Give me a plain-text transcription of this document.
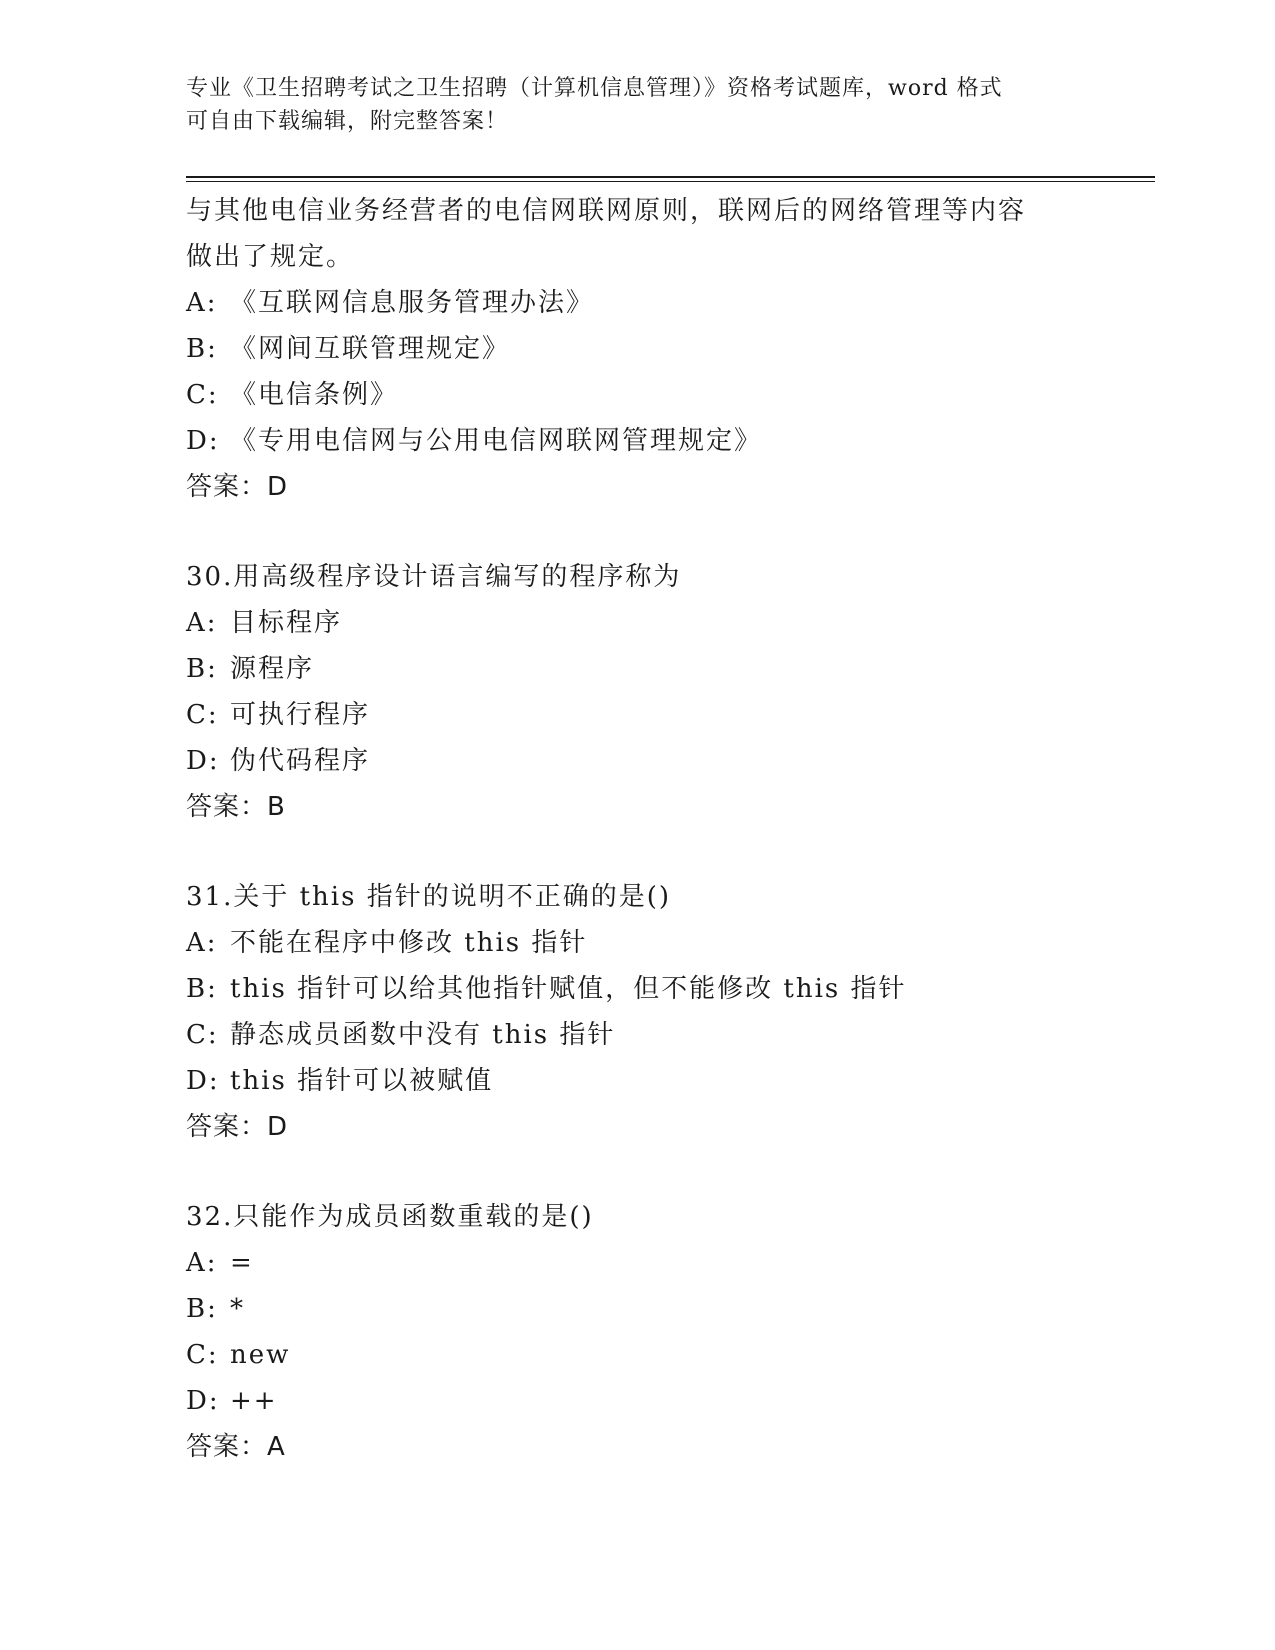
专业《卫生招聘考试之卫生招聘（计算机信息管理）》资格考试题库，word 格式
可自由下载编辑，附完整答案！
与其他电信业务经营者的电信网联网原则，联网后的网络管理等内容
做出了规定。
A: 《互联网信息服务管理办法》
B: 《网间互联管理规定》
C: 《电信条例》
D: 《专用电信网与公用电信网联网管理规定》
答案：D
30.用高级程序设计语言编写的程序称为
A: 目标程序
B: 源程序
C: 可执行程序
D: 伪代码程序
答案：B
31.关于 this 指针的说明不正确的是()
A: 不能在程序中修改 this 指针
B: this 指针可以给其他指针赋值，但不能修改 this 指针
C: 静态成员函数中没有 this 指针
D: this 指针可以被赋值
答案：D
32.只能作为成员函数重载的是()
A: =
B: *
C: new
D: ++
答案：A
